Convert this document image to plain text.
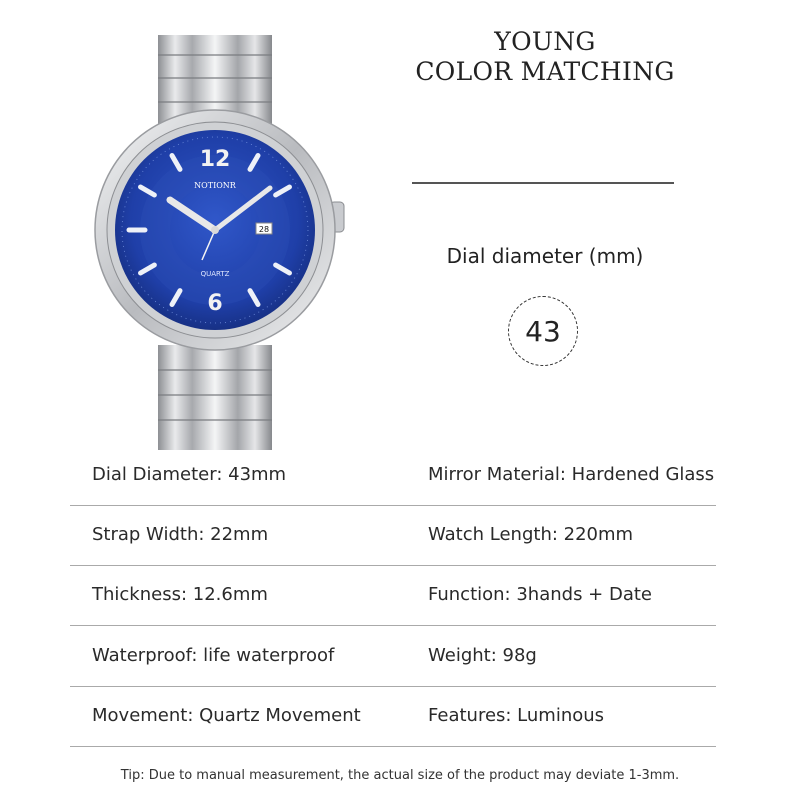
12
6
NOTIONR
QUARTZ
28
YOUNG
COLOR MATCHING
Dial diameter (mm)
43
Dial Diameter: 43mm	Mirror Material: Hardened Glass
Strap Width: 22mm	Watch Length: 220mm
Thickness: 12.6mm	Function: 3hands + Date
Waterproof: life waterproof	Weight: 98g
Movement: Quartz Movement	Features: Luminous
Tip: Due to manual measurement, the actual size of the product may deviate 1-3mm.
